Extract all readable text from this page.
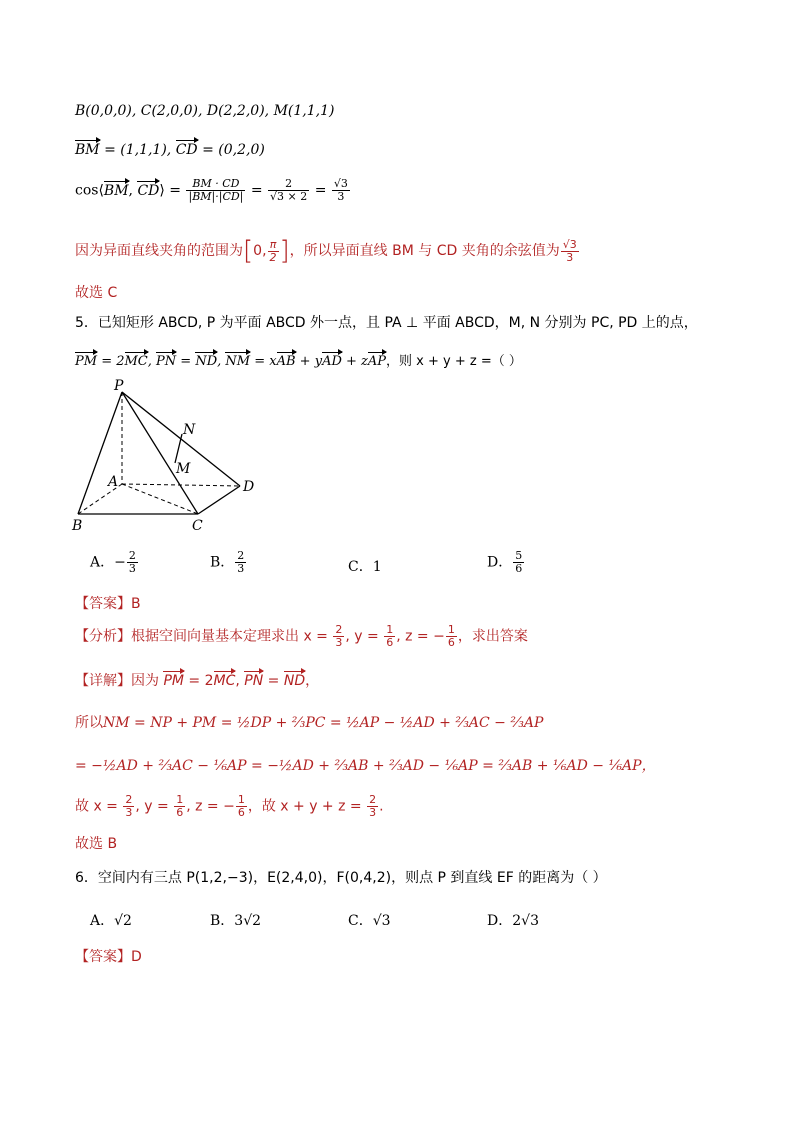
B(0,0,0), C(2,0,0), D(2,2,0), M(1,1,1)
BM = (1,1,1), CD = (0,2,0)
cos⟨BM, CD⟩ = $\frac{BM \cdot CD}{|BM|\cdot|CD|} = \frac{2}{√3 \times 2} = \frac{√3}{3}$
因为异面直线夹角的范围为[0, $\frac{\pi}{2}$ ]，所以异面直线 BM 与 CD 夹角的余弦值为 $\frac{√3}{3}$
故选 C
5．已知矩形 ABCD, P 为平面 ABCD 外一点，且 PA ⊥ 平面 ABCD，M, N 分别为 PC, PD 上的点，
PM = 2MC, PN = ND, NM = xAB + yAD + zAP，则 x + y + z =（ ）
P
N
M
A	D
B	C
A．− $\frac{2}{3}$	B． $\frac{2}{3}$	C．1	D． $\frac{5}{6}$
【答案】B
【分析】根据空间向量基本定理求出 $x = \frac{2}{3}$ , $y = \frac{1}{6}$ , z = − $\frac{1}{6}$ ，求出答案
【详解】因为 PM = 2MC, PN = ND，
所以NM = NP + PM = ½DP + ⅔PC = ½AP − ½AD + ⅔AC − ⅔AP
= −½AD + ⅔AC − ⅙AP = −½AD + ⅔AB + ⅔AD − ⅙AP = ⅔AB + ⅙AD − ⅙AP，
故 $x = \frac{2}{3}$ , $y = \frac{1}{6}$ , z = − $\frac{1}{6}$ ，故 $x + y + z = \frac{2}{3}$ .
故选 B
6．空间内有三点 P(1,2,−3)，E(2,4,0)，F(0,4,2)，则点 P 到直线 EF 的距离为（ ）
A．√2	B．3√2	C．√3	D．2√3
【答案】D
